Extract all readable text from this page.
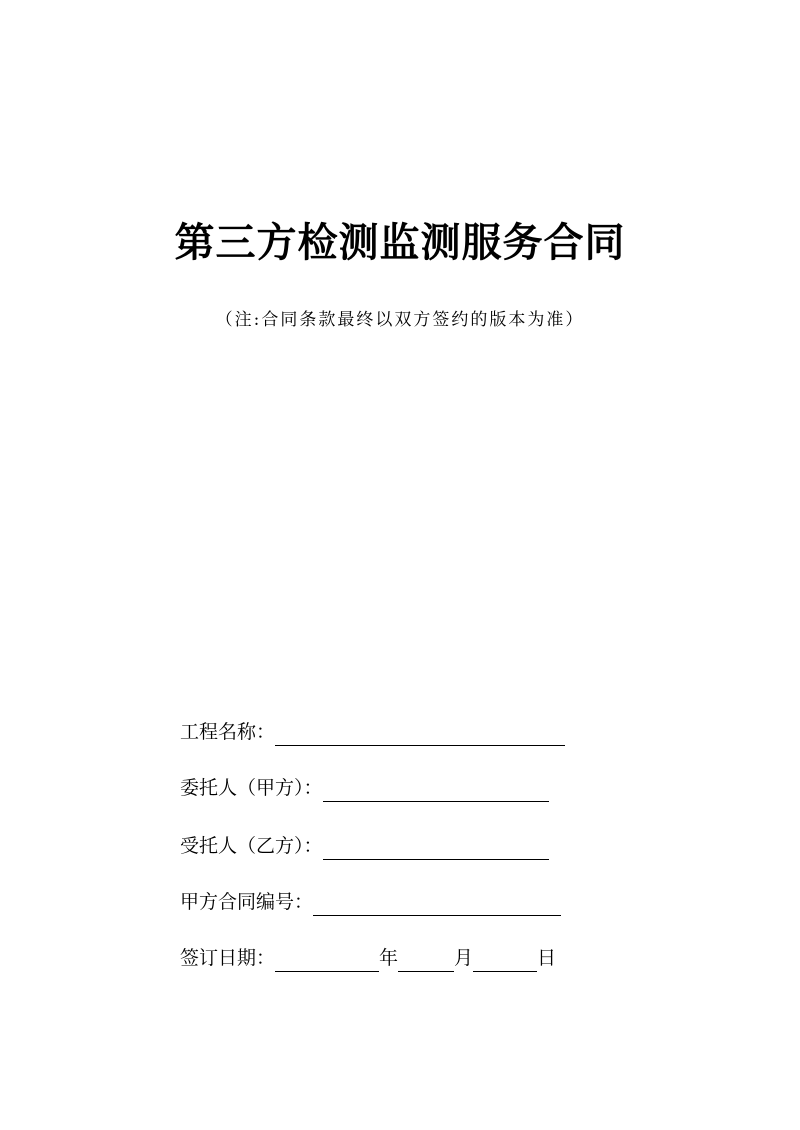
第三方检测监测服务合同
（注:合同条款最终以双方签约的版本为准）
工程名称：
委托人（甲方）：
受托人（乙方）：
甲方合同编号：
签订日期：	年	月	日
